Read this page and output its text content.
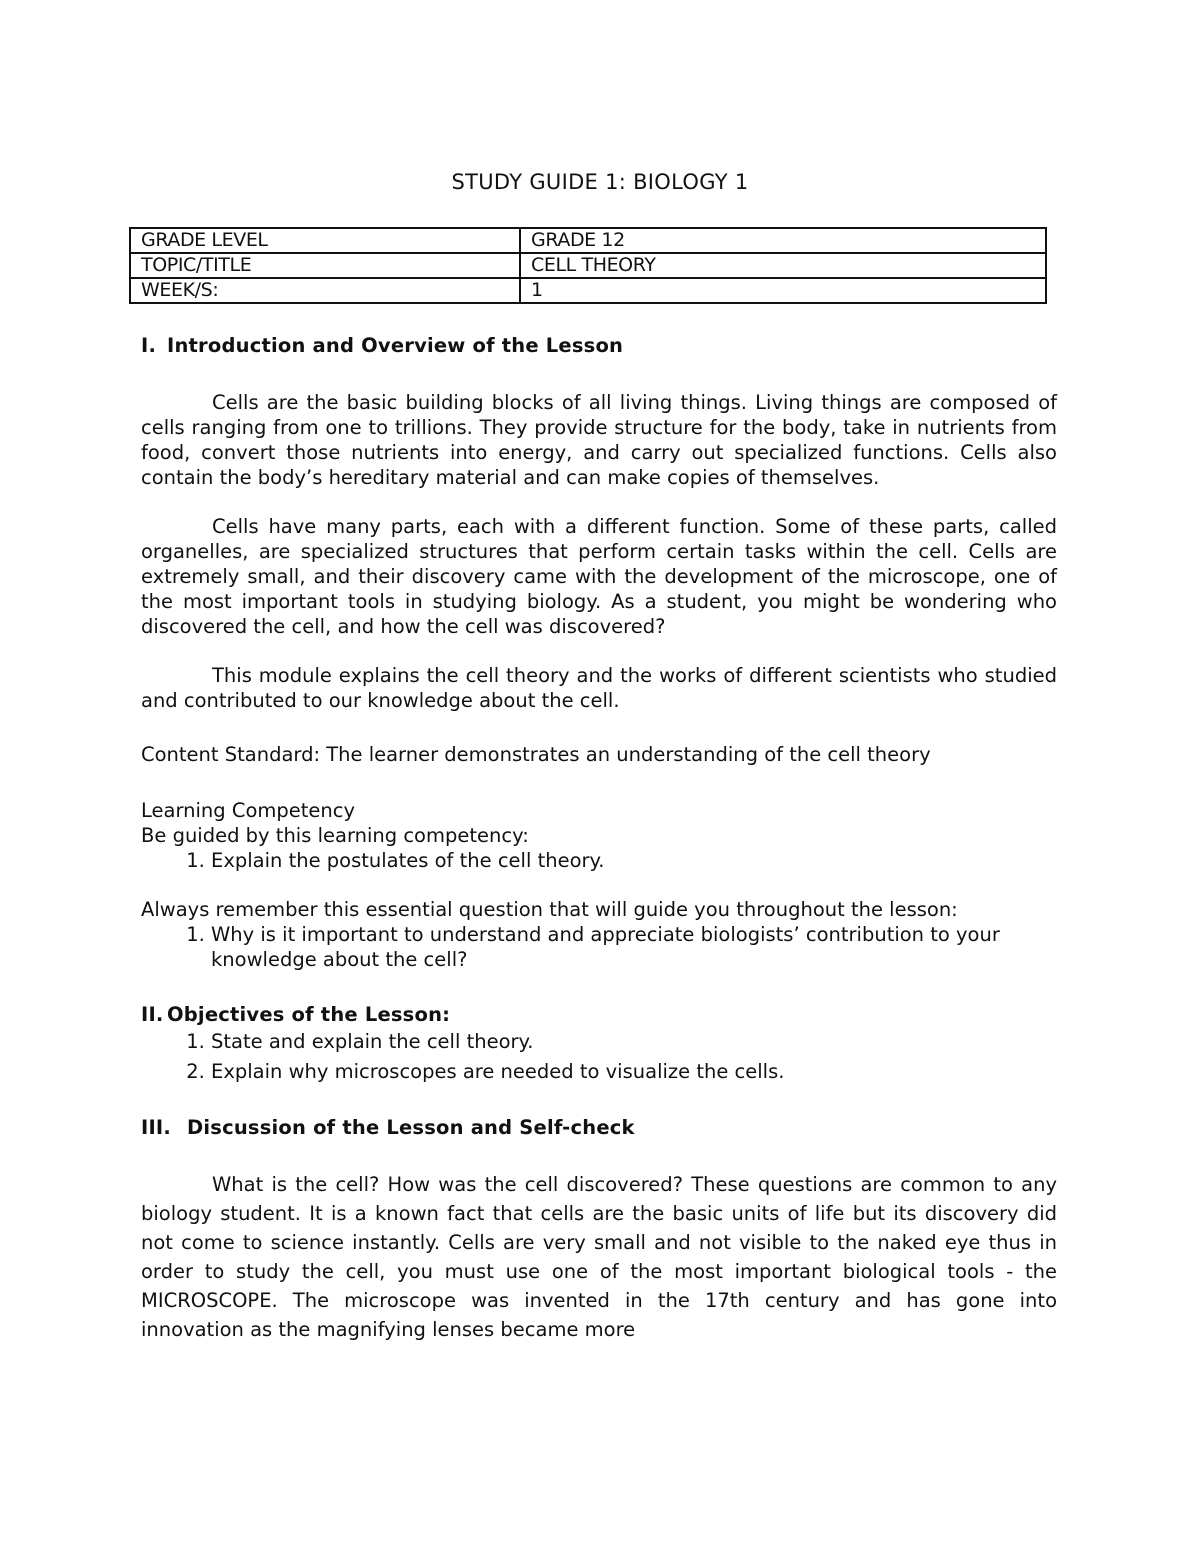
STUDY GUIDE 1: BIOLOGY 1
GRADE LEVEL	GRADE 12
TOPIC/TITLE	CELL THEORY
WEEK/S:	1

I. Introduction and Overview of the Lesson

Cells are the basic building blocks of all living things. Living things are composed of cells ranging from one to trillions. They provide structure for the body, take in nutrients from food, convert those nutrients into energy, and carry out specialized functions. Cells also contain the body’s hereditary material and can make copies of themselves.

Cells have many parts, each with a different function. Some of these parts, called organelles, are specialized structures that perform certain tasks within the cell. Cells are extremely small, and their discovery came with the development of the microscope, one of the most important tools in studying biology. As a student, you might be wondering who discovered the cell, and how the cell was discovered?

This module explains the cell theory and the works of different scientists who studied and contributed to our knowledge about the cell.

Content Standard: The learner demonstrates an understanding of the cell theory

Learning Competency

Be guided by this learning competency:

1. Explain the postulates of the cell theory.

Always remember this essential question that will guide you throughout the lesson:

1. Why is it important to understand and appreciate biologists’ contribution to your knowledge about the cell?

II. Objectives of the Lesson:

1. State and explain the cell theory.
2. Explain why microscopes are needed to visualize the cells.

III. Discussion of the Lesson and Self-check

What is the cell? How was the cell discovered? These questions are common to any biology student. It is a known fact that cells are the basic units of life but its discovery did not come to science instantly. Cells are very small and not visible to the naked eye thus in order to study the cell, you must use one of the most important biological tools - the MICROSCOPE. The microscope was invented in the 17th century and has gone into innovation as the magnifying lenses became more
